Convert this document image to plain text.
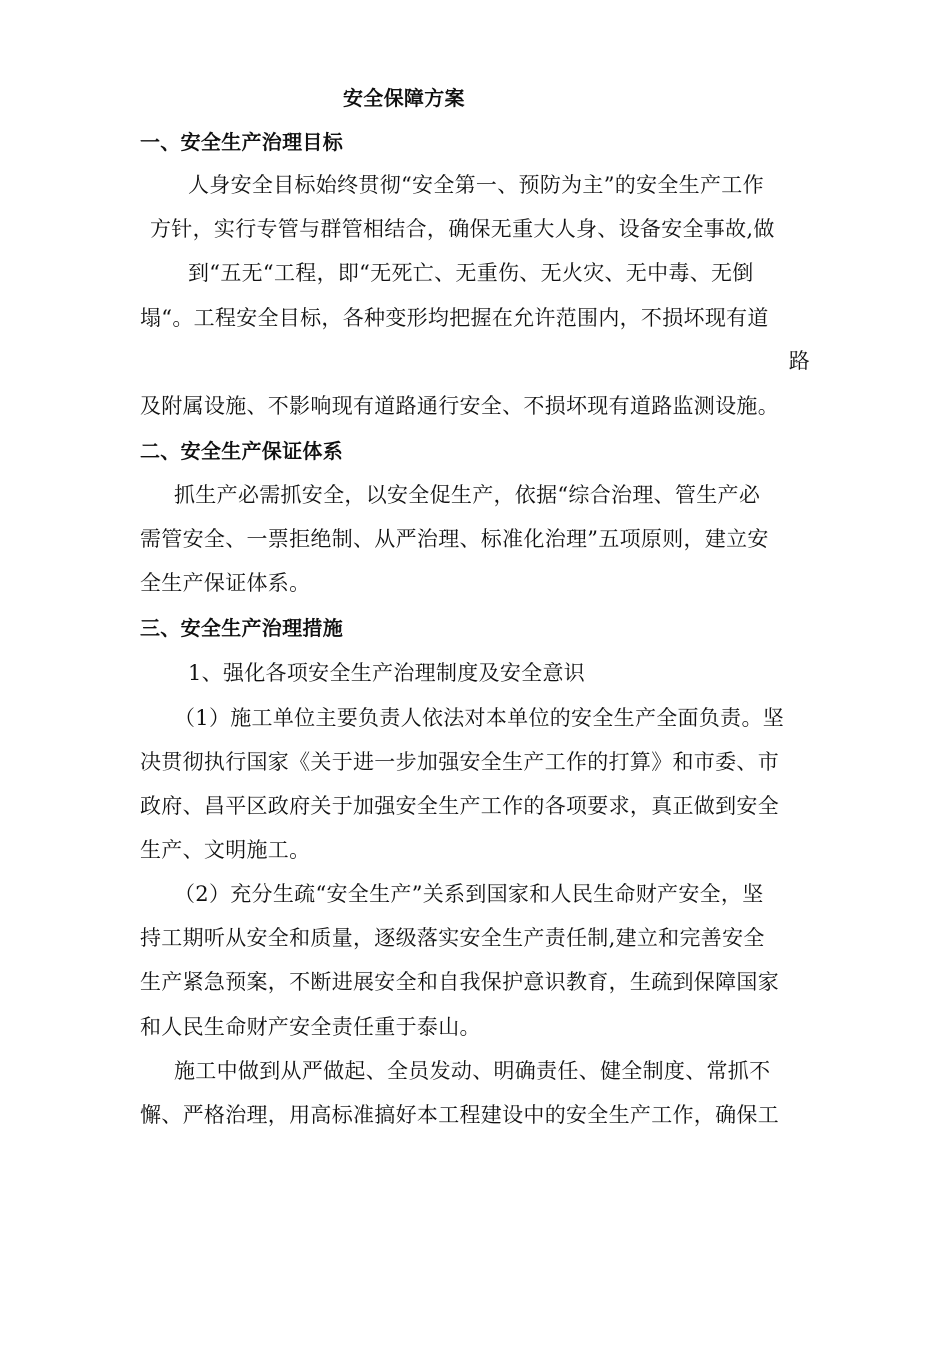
安全保障方案
一、安全生产治理目标
人身安全目标始终贯彻“安全第一、预防为主”的安全生产工作
方针，实行专管与群管相结合，确保无重大人身、设备安全事故,做
到“五无“工程，即“无死亡、无重伤、无火灾、无中毒、无倒
塌“。工程安全目标，各种变形均把握在允许范围内，不损坏现有道
路
及附属设施、不影响现有道路通行安全、不损坏现有道路监测设施。
二、安全生产保证体系
抓生产必需抓安全，以安全促生产，依据“综合治理、管生产必
需管安全、一票拒绝制、从严治理、标准化治理”五项原则，建立安
全生产保证体系。
三、安全生产治理措施
1、强化各项安全生产治理制度及安全意识
（1）施工单位主要负责人依法对本单位的安全生产全面负责。坚
决贯彻执行国家《关于进一步加强安全生产工作的打算》和市委、市
政府、昌平区政府关于加强安全生产工作的各项要求，真正做到安全
生产、文明施工。
（2）充分生疏“安全生产”关系到国家和人民生命财产安全，坚
持工期听从安全和质量，逐级落实安全生产责任制,建立和完善安全
生产紧急预案，不断进展安全和自我保护意识教育，生疏到保障国家
和人民生命财产安全责任重于泰山。
施工中做到从严做起、全员发动、明确责任、健全制度、常抓不
懈、严格治理，用高标准搞好本工程建设中的安全生产工作，确保工
